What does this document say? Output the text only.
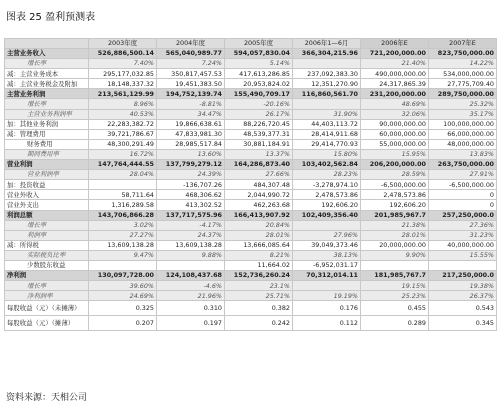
图表 25 盈利预测表
	2003年度	2004年度	2005年度	2006年1—6月	2006年E	2007年E
主营业务收入	526,886,500.14	565,040,989.77	594,057,830.04	366,304,215.96	721,200,000.00	823,750,000.00
增长率	7.40%	7.24%	5.14%		21.40%	14.22%
减：主营业务成本	295,177,032.85	350,817,457.53	417,613,286.85	237,092,383.30	490,000,000.00	534,000,000.00
减：主营业务税金及附加	18,148,337.32	19,451,383.50	20,953,824.02	12,351,270.90	24,317,865.39	27,775,709.40
主营业务利润	213,561,129.99	194,752,139.74	155,490,709.17	116,860,561.70	231,200,000.00	289,750,000.00
增长率	8.96%	-8.81%	-20.16%		48.69%	25.32%
主营业务利润率	40.53%	34.47%	26.17%	31.90%	32.06%	35.17%
加：其他业务利润	22,283,382.72	19,866,638.61	88,226,720.45	44,403,113.72	90,000,000.00	100,000,000.00
减：管理费用	39,721,786.67	47,833,981.30	48,539,377.31	28,414,911.68	60,000,000.00	66,000,000.00
财务费用	48,300,291.49	28,985,517.84	30,881,184.91	29,414,770.93	55,000,000.00	48,000,000.00
期间费用率	16.72%	13.60%	13.37%	15.80%	15.95%	13.83%
营业利润	147,764,444.55	137,799,279.12	164,286,873.40	103,402,562.84	206,200,000.00	263,750,000.00
营业利润率	28.04%	24.39%	27.66%	28.23%	28.59%	27.91%
加：投资收益		-136,707.26	484,307.48	-3,278,974.10	-6,500,000.00	-6,500,000.00
营业外收入	58,711.64	468,306.62	2,044,990.72	2,478,573.86	2,478,573.86	0
营业外支出	1,316,289.58	413,302.52	462,263.68	192,606.20	192,606.20	0
利润总额	143,706,866.28	137,717,575.96	166,413,907.92	102,409,356.40	201,985,967.7	257,250,000.0
增长率	3.02%	-4.17%	20.84%		21.38%	27.36%
利润率	27.27%	24.37%	28.01%	27.96%	28.01%	31.23%
减：所得税	13,609,138.28	13,609,138.28	13,666,085.64	39,049,373.46	20,000,000.00	40,000,000.00
实际税负比率	9.47%	9.88%	8.21%	38.13%	9.90%	15.55%
少数股东收益			11,664.02	-6,952,031.17		
净利润	130,097,728.00	124,108,437.68	152,736,260.24	70,312,014.11	181,985,767.7	217,250,000.0
增长率	39.60%	-4.6%	23.1%		19.15%	19.38%
净利润率	24.69%	21.96%	25.71%	19.19%	25.23%	26.37%
每股收益（元）（未摊薄）	0.325	0.310	0.382	0.176	0.455	0.543
每股收益（元）（摊薄）	0.207	0.197	0.242	0.112	0.289	0.345
资料来源：天相公司
